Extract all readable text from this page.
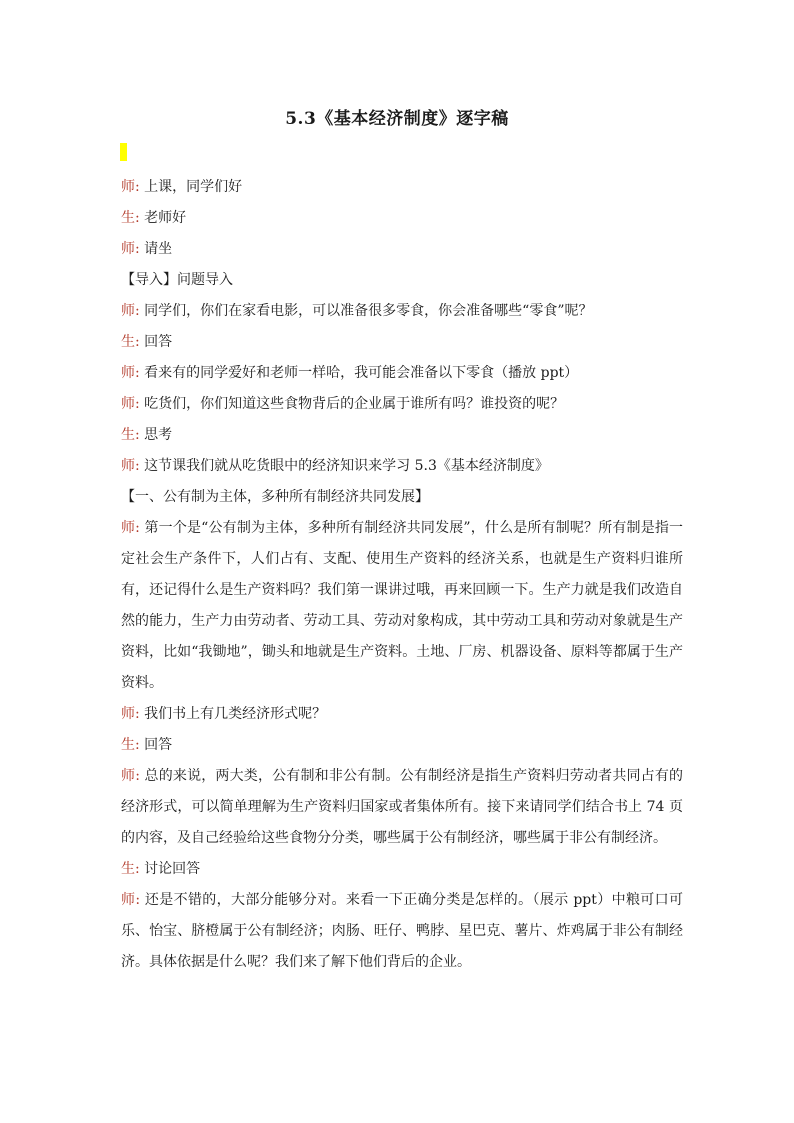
5.3《基本经济制度》逐字稿
师: 上课，同学们好
生: 老师好
师: 请坐
【导入】问题导入
师: 同学们，你们在家看电影，可以准备很多零食，你会准备哪些“零食”呢？
生: 回答
师: 看来有的同学爱好和老师一样哈，我可能会准备以下零食（播放 ppt）
师: 吃货们，你们知道这些食物背后的企业属于谁所有吗？谁投资的呢？
生: 思考
师: 这节课我们就从吃货眼中的经济知识来学习 5.3《基本经济制度》
【一、公有制为主体，多种所有制经济共同发展】
师: 第一个是“公有制为主体，多种所有制经济共同发展”，什么是所有制呢？所有制是指一定社会生产条件下，人们占有、支配、使用生产资料的经济关系，也就是生产资料归谁所有，还记得什么是生产资料吗？我们第一课讲过哦，再来回顾一下。生产力就是我们改造自然的能力，生产力由劳动者、劳动工具、劳动对象构成，其中劳动工具和劳动对象就是生产资料，比如“我锄地”，锄头和地就是生产资料。土地、厂房、机器设备、原料等都属于生产资料。
师: 我们书上有几类经济形式呢？
生: 回答
师: 总的来说，两大类，公有制和非公有制。公有制经济是指生产资料归劳动者共同占有的经济形式，可以简单理解为生产资料归国家或者集体所有。接下来请同学们结合书上 74 页的内容，及自己经验给这些食物分分类，哪些属于公有制经济，哪些属于非公有制经济。
生: 讨论回答
师: 还是不错的，大部分能够分对。来看一下正确分类是怎样的。（展示 ppt）中粮可口可乐、怡宝、脐橙属于公有制经济；肉肠、旺仔、鸭脖、星巴克、薯片、炸鸡属于非公有制经济。具体依据是什么呢？我们来了解下他们背后的企业。
